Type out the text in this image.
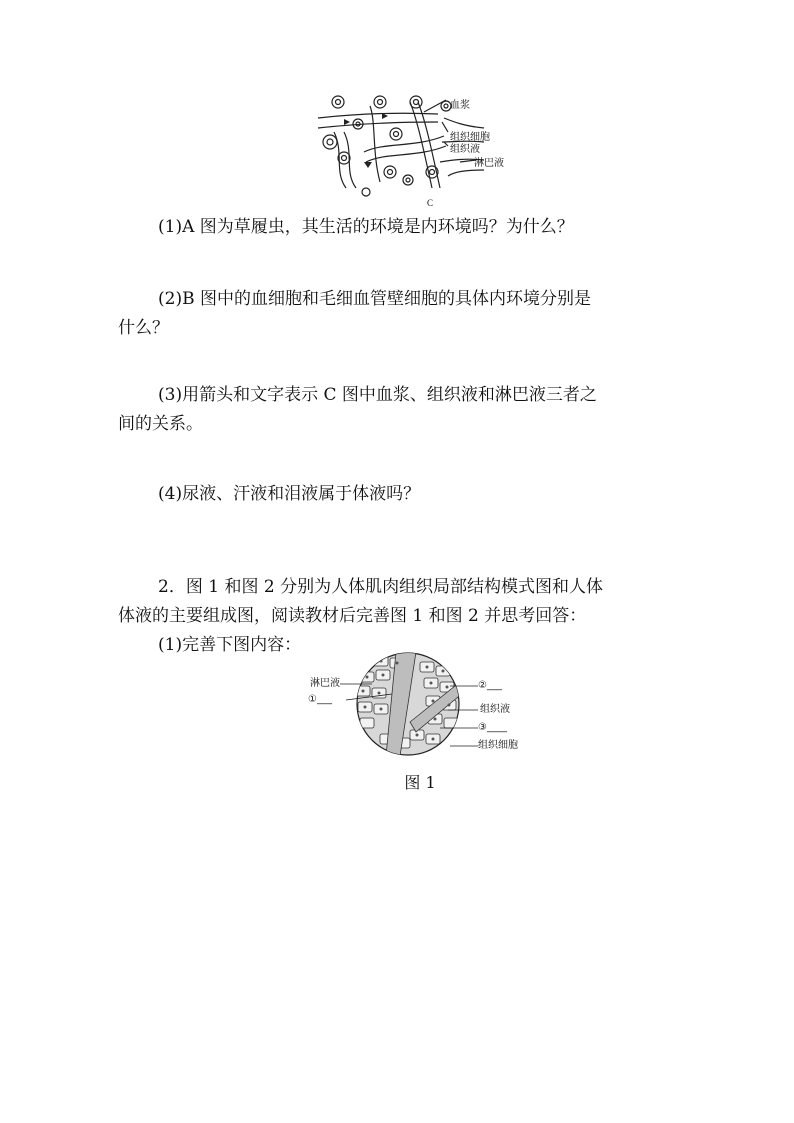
血浆
组织细胞
组织液
淋巴液
C

(1)A 图为草履虫，其生活的环境是内环境吗？为什么？

(2)B 图中的血细胞和毛细血管壁细胞的具体内环境分别是

什么？

(3)用箭头和文字表示 C 图中血浆、组织液和淋巴液三者之

间的关系。

(4)尿液、汗液和泪液属于体液吗？

2．图 1 和图 2 分别为人体肌肉组织局部结构模式图和人体

体液的主要组成图，阅读教材后完善图 1 和图 2 并思考回答：

(1)完善下图内容：

淋巴液
①___
②___
组织液
③____
组织细胞
图 1
